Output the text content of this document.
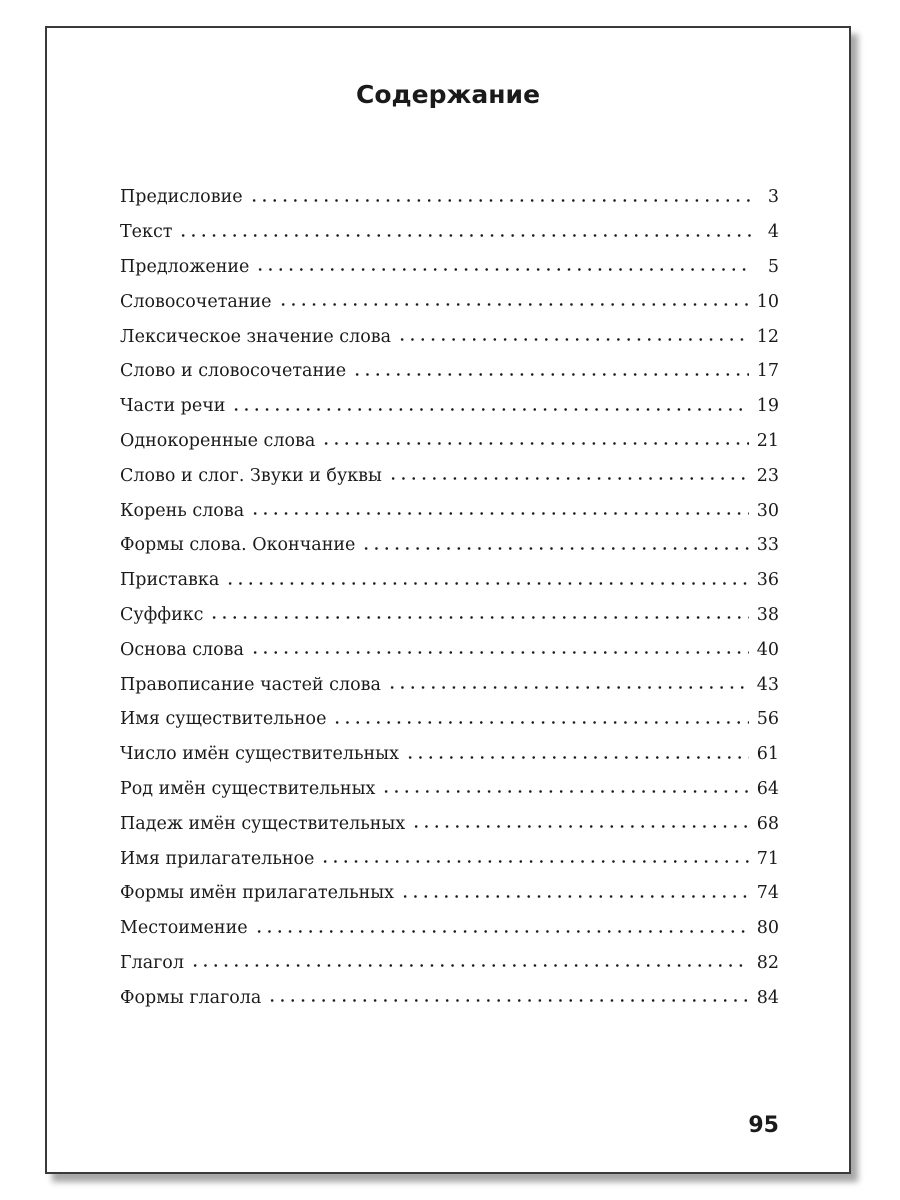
Содержание
Предисловие	3
Текст	4
Предложение	5
Словосочетание	10
Лексическое значение слова	12
Слово и словосочетание	17
Части речи	19
Однокоренные слова	21
Слово и слог. Звуки и буквы	23
Корень слова	30
Формы слова. Окончание	33
Приставка	36
Суффикс	38
Основа слова	40
Правописание частей слова	43
Имя существительное	56
Число имён существительных	61
Род имён существительных	64
Падеж имён существительных	68
Имя прилагательное	71
Формы имён прилагательных	74
Местоимение	80
Глагол	82
Формы глагола	84
95
